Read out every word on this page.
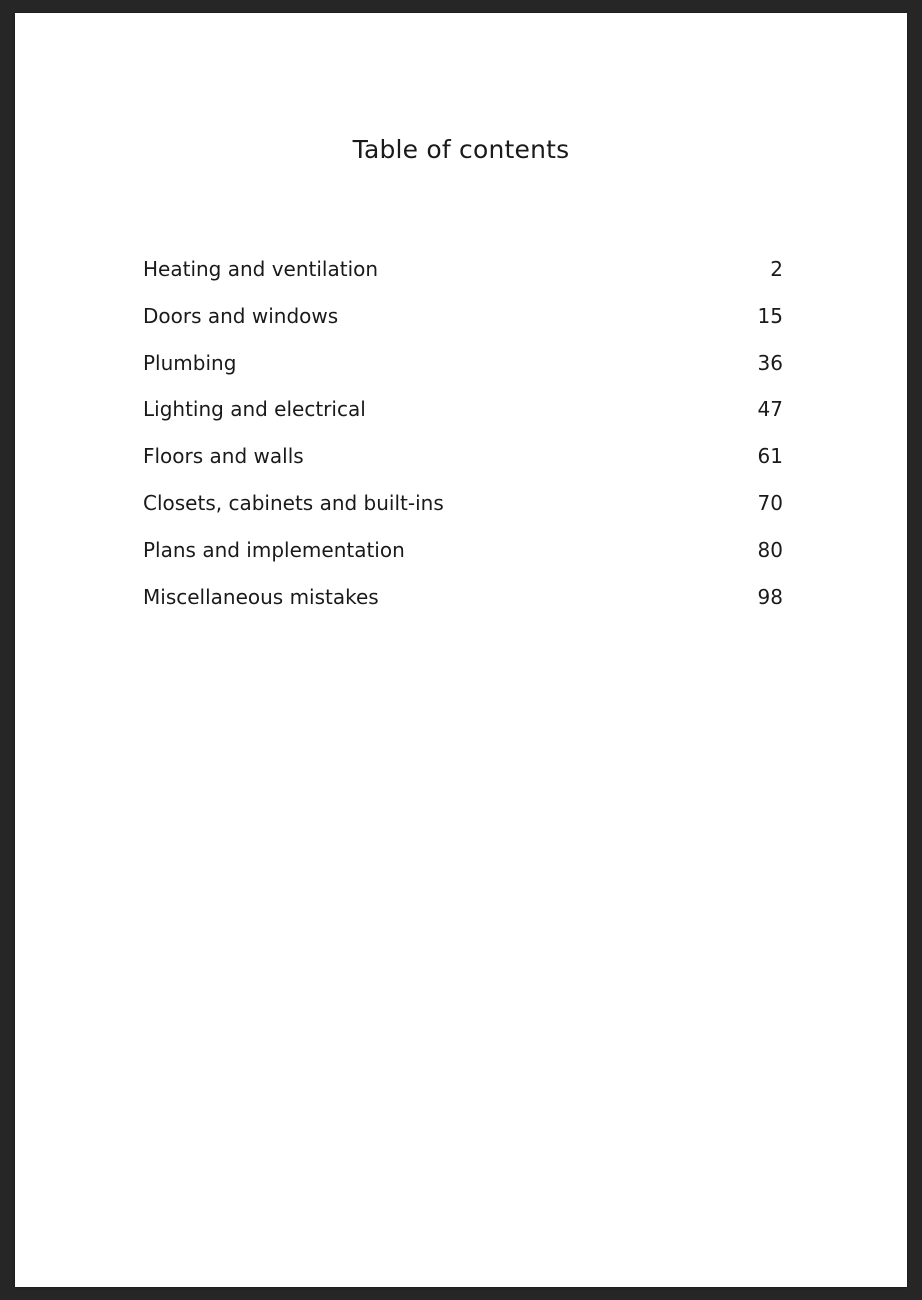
Table of contents
Heating and ventilation	2
Doors and windows	15
Plumbing	36
Lighting and electrical	47
Floors and walls	61
Closets, cabinets and built-ins	70
Plans and implementation	80
Miscellaneous mistakes	98
